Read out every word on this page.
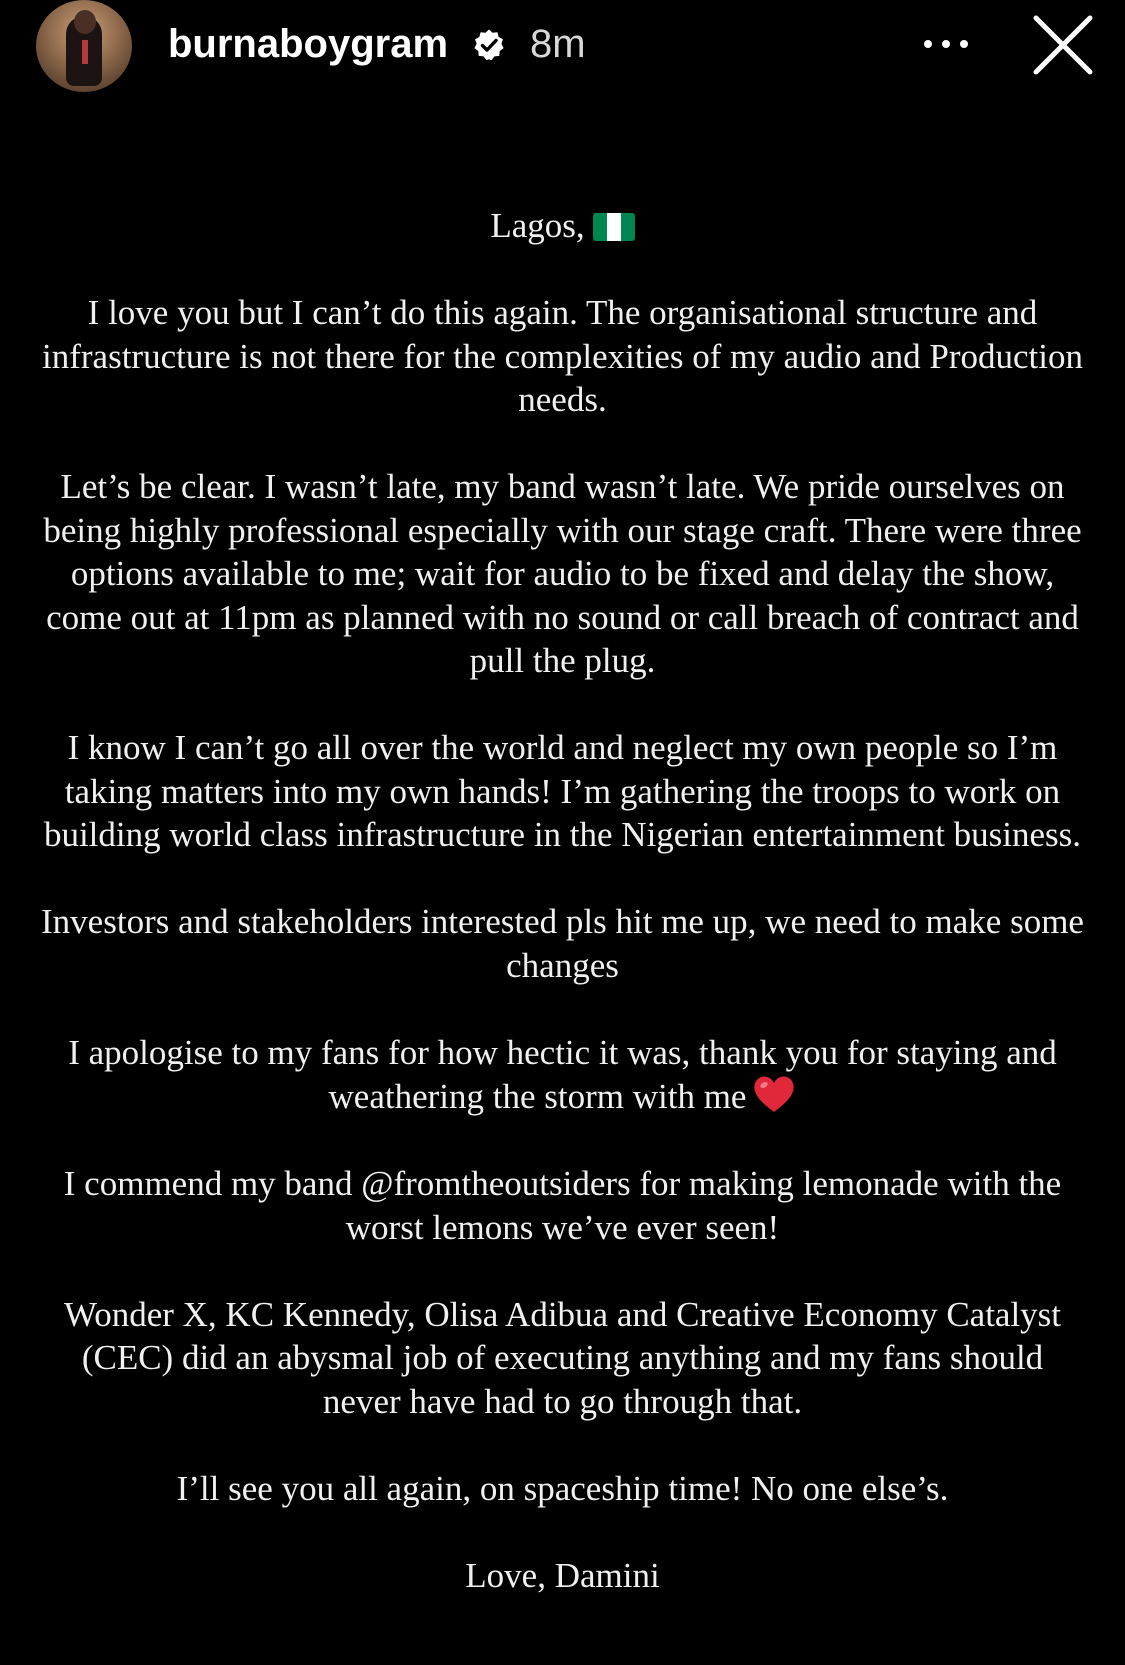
burnaboygram 8m

Lagos,

I love you but I can’t do this again. The organisational structure and infrastructure is not there for the complexities of my audio and Production needs.

Let’s be clear. I wasn’t late, my band wasn’t late. We pride ourselves on being highly professional especially with our stage craft. There were three options available to me; wait for audio to be fixed and delay the show, come out at 11pm as planned with no sound or call breach of contract and pull the plug.

I know I can’t go all over the world and neglect my own people so I’m taking matters into my own hands! I’m gathering the troops to work on building world class infrastructure in the Nigerian entertainment business.

Investors and stakeholders interested pls hit me up, we need to make some changes

I apologise to my fans for how hectic it was, thank you for staying and weathering the storm with me

I commend my band @fromtheoutsiders for making lemonade with the worst lemons we’ve ever seen!

Wonder X, KC Kennedy, Olisa Adibua and Creative Economy Catalyst (CEC) did an abysmal job of executing anything and my fans should never have had to go through that.

I’ll see you all again, on spaceship time! No one else’s.

Love, Damini
